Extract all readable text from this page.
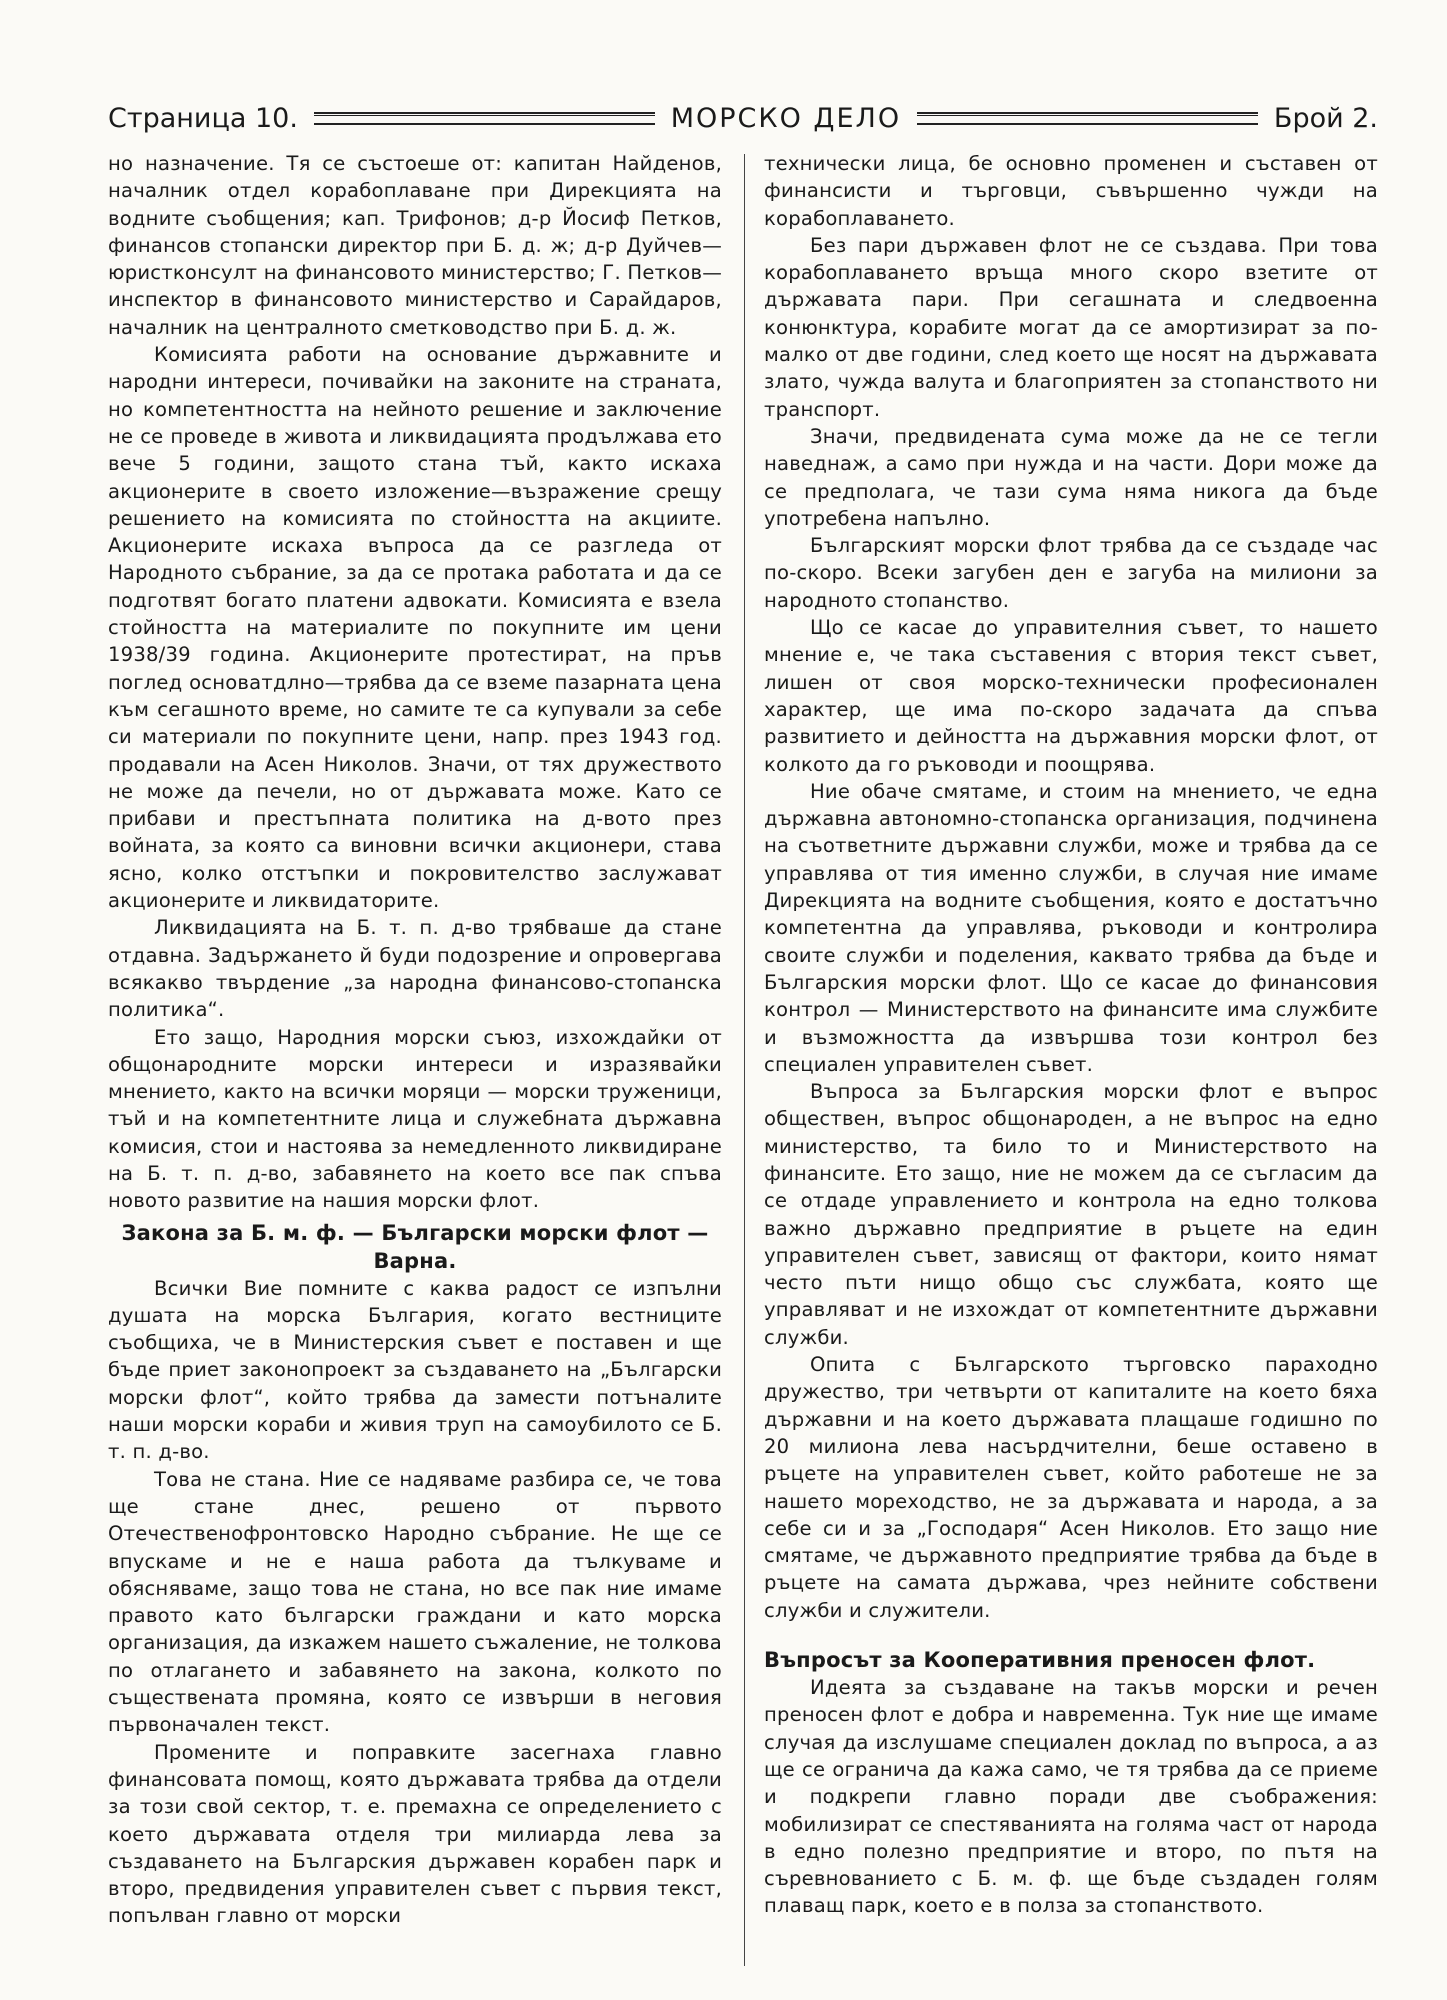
Страница 10.	МОРСКО ДЕЛО	Брой 2.

но назначение. Тя се състоеше от: капитан Найденов, началник отдел корабоплаване при Дирекцията на водните съобщения; кап. Трифонов; д-р Йосиф Петков, финансов стопански директор при Б. д. ж; д-р Дуйчев—юристконсулт на финансовото министерство; Г. Петков—инспектор в финансовото министерство и Сарайдаров, началник на централното сметководство при Б. д. ж.

Комисията работи на основание държавните и народни интереси, почивайки на законите на страната, но компетентността на нейното решение и заключение не се проведе в живота и ликвидацията продължава ето вече 5 години, защото стана тъй, както искаха акционерите в своето изложение—възражение срещу решението на комисията по стойността на акциите. Акционерите искаха въпроса да се разгледа от Народното събрание, за да се протака работата и да се подготвят богато платени адвокати. Комисията е взела стойността на материалите по покупните им цени 1938/39 година. Акционерите протестират, на пръв поглед основатдлно—трябва да се вземе пазарната цена към сегашното време, но самите те са купували за себе си материали по покупните цени, напр. през 1943 год. продавали на Асен Николов. Значи, от тях дружеството не може да печели, но от държавата може. Като се прибави и престъпната политика на д-вото през войната, за която са виновни всички акционери, става ясно, колко отстъпки и покровителство заслужават акционерите и ликвидаторите.

Ликвидацията на Б. т. п. д-во трябваше да стане отдавна. Задържането й буди подозрение и опровергава всякакво твърдение „за народна финансово-стопанска политика“.

Ето защо, Народния морски съюз, изхождайки от общонародните морски интереси и изразявайки мнението, както на всички моряци — морски труженици, тъй и на компетентните лица и служебната държавна комисия, стои и настоява за немедленното ликвидиране на Б. т. п. д-во, забавянето на което все пак спъва новото развитие на нашия морски флот.

Закона за Б. м. ф. — Български морски флот — Варна.

Всички Вие помните с каква радост се изпълни душата на морска България, когато вестниците съобщиха, че в Министерския съвет е поставен и ще бъде приет законопроект за създаването на „Български морски флот“, който трябва да замести потъналите наши морски кораби и живия труп на самоубилото се Б. т. п. д-во.

Това не стана. Ние се надяваме разбира се, че това ще стане днес, решено от първото Отечественофронтовско Народно събрание. Не ще се впускаме и не е наша работа да тълкуваме и обясняваме, защо това не стана, но все пак ние имаме правото като български граждани и като морска организация, да изкажем нашето съжаление, не толкова по отлагането и забавянето на закона, колкото по съществената промяна, която се извърши в неговия първоначален текст.

Промените и поправките засегнаха главно финансовата помощ, която държавата трябва да отдели за този свой сектор, т. е. премахна се определението с което държавата отделя три милиарда лева за създаването на Българския държавен корабен парк и второ, предвидения управителен съвет с първия текст, попълван главно от морски

технически лица, бе основно променен и съставен от финансисти и търговци, съвършенно чужди на корабоплаването.

Без пари държавен флот не се създава. При това корабоплаването връща много скоро взетите от държавата пари. При сегашната и следвоенна конюнктура, корабите могат да се амортизират за по-малко от две години, след което ще носят на държавата злато, чужда валута и благоприятен за стопанството ни транспорт.

Значи, предвидената сума може да не се тегли наведнаж, а само при нужда и на части. Дори може да се предполага, че тази сума няма никога да бъде употребена напълно.

Българският морски флот трябва да се създаде час по-скоро. Всеки загубен ден е загуба на милиони за народното стопанство.

Що се касае до управителния съвет, то нашето мнение е, че така съставения с втория текст съвет, лишен от своя морско-технически професионален характер, ще има по-скоро задачата да спъва развитието и дейността на държавния морски флот, от колкото да го ръководи и поощрява.

Ние обаче смятаме, и стоим на мнението, че една държавна автономно-стопанска организация, подчинена на съответните държавни служби, може и трябва да се управлява от тия именно служби, в случая ние имаме Дирекцията на водните съобщения, която е достатъчно компетентна да управлява, ръководи и контролира своите служби и поделения, каквато трябва да бъде и Българския морски флот. Що се касае до финансовия контрол — Министерството на финансите има службите и възможността да извършва този контрол без специален управителен съвет.

Въпроса за Българския морски флот е въпрос обществен, въпрос общонароден, а не въпрос на едно министерство, та било то и Министерството на финансите. Ето защо, ние не можем да се съгласим да се отдаде управлението и контрола на едно толкова важно държавно предприятие в ръцете на един управителен съвет, зависящ от фактори, които нямат често пъти нищо общо със службата, която ще управляват и не изхождат от компетентните държавни служби.

Опита с Българското търговско параходно дружество, три четвърти от капиталите на което бяха държавни и на което държавата плащаше годишно по 20 милиона лева насърдчителни, беше оставено в ръцете на управителен съвет, който работеше не за нашето мореходство, не за държавата и народа, а за себе си и за „Господаря“ Асен Николов. Ето защо ние смятаме, че държавното предприятие трябва да бъде в ръцете на самата държава, чрез нейните собствени служби и служители.

Въпросът за Кооперативния преносен флот.

Идеята за създаване на такъв морски и речен преносен флот е добра и навременна. Тук ние ще имаме случая да изслушаме специален доклад по въпроса, а аз ще се огранича да кажа само, че тя трябва да се приеме и подкрепи главно поради две съображения: мобилизират се спестяванията на голяма част от народа в едно полезно предприятие и второ, по пътя на съревнованието с Б. м. ф. ще бъде създаден голям плаващ парк, което е в полза за стопанството.
